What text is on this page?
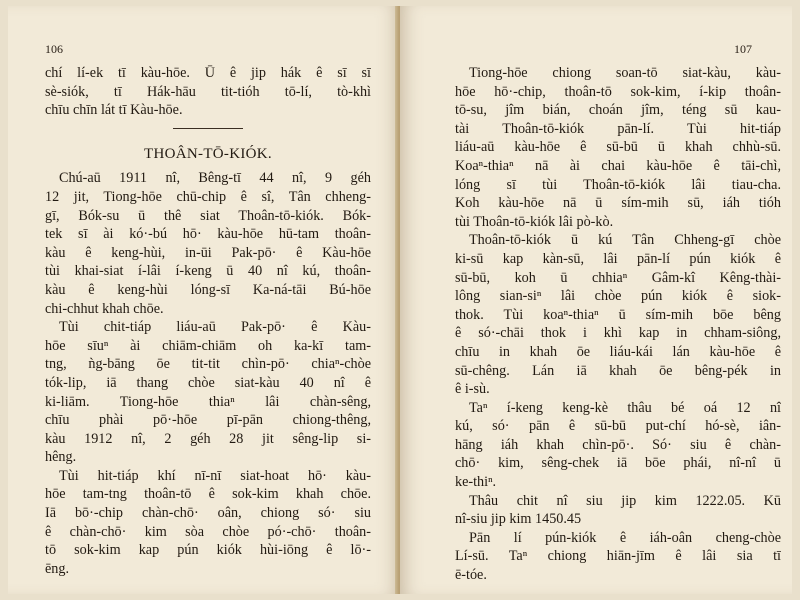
106
chí lí-ek tī kàu-hōe. Ū ê jip hák ê sī sī
sè-siók, tī Hák-hāu tit-tióh tō-lí, tò-khì
chīu chīn lát tī Kàu-hōe.
THOÂN-TŌ-KIÓK.
Chú-aū 1911 nî, Bêng-tī 44 nî, 9 géh
12 jit, Tiong-hōe chū-chip ê sî, Tân chheng-
gī, Bók-su ū thê siat Thoân-tō-kiók. Bók-
tek sī ài kó·-bú hō· kàu-hōe hū-tam thoân-
kàu ê keng-hùi, in-ūi Pak-pō· ê Kàu-hōe
tùi khai-siat í-lâi í-keng ū 40 nî kú, thoân-
kàu ê keng-hùi lóng-sī Ka-ná-tāi Bú-hōe
chi-chhut khah chōe.
Tùi chit-tiáp liáu-aū Pak-pō· ê Kàu-
hōe sīuⁿ ài chiām-chiām oh ka-kī tam-
tng, ǹg-bāng ōe tit-tit chìn-pō· chiaⁿ-chòe
tók-lip, iā thang chòe siat-kàu 40 nî ê
ki-liām. Tiong-hōe thiaⁿ lâi chàn-sêng,
chīu phài pō·-hōe pī-pān chiong-thêng,
kàu 1912 nî, 2 géh 28 jit sêng-lip si-
hêng.
Tùi hit-tiáp khí nī-nī siat-hoat hō· kàu-
hōe tam-tng thoân-tō ê sok-kim khah chōe.
Iā bō·-chip chàn-chō· oân, chiong só· siu
ê chàn-chō· kim sòa chòe pó·-chō· thoân-
tō sok-kim kap pún kiók hùi-iōng ê lō·-
ēng.
107
Tiong-hōe chiong soan-tō siat-kàu, kàu-
hōe hō·-chip, thoân-tō sok-kim, í-kip thoân-
tō-su, jîm bián, choán jîm, téng sū kau-
tài Thoân-tō-kiók pān-lí. Tùi hit-tiáp
liáu-aū kàu-hōe ê sū-bū ū khah chhù-sū.
Koaⁿ-thiaⁿ nā ài chai kàu-hōe ê tāi-chì,
lóng sī tùi Thoân-tō-kiók lâi tiau-cha.
Koh kàu-hōe nā ū sím-mih sū, iáh tióh
tùi Thoân-tō-kiók lâi pò-kò.
Thoân-tō-kiók ū kú Tân Chheng-gī chòe
ki-sū kap kàn-sū, lâi pān-lí pún kiók ê
sū-bū, koh ū chhiaⁿ Gâm-kî Kêng-thài-
lông sian-siⁿ lâi chòe pún kiók ê siok-
thok. Tùi koaⁿ-thiaⁿ ū sím-mih bōe bêng
ê só·-chāi thok i khì kap in chham-siông,
chīu in khah ōe liáu-kái lán kàu-hōe ê
sū-chêng. Lán iā khah ōe bêng-pék in
ê i-sù.
Taⁿ í-keng keng-kè thâu bé oá 12 nî
kú, só· pān ê sū-bū put-chí hó-sè, iân-
hāng iáh khah chìn-pō·. Só· siu ê chàn-
chō· kim, sêng-chek iā bōe phái, nî-nî ū
ke-thiⁿ.
Thâu chit nî siu jip kim 1222.05. Kū
nî-siu jip kim 1450.45
Pān lí pún-kiók ê iáh-oân cheng-chòe
Lí-sū. Taⁿ chiong hiān-jīm ê lâi sia tī
ē-tóe.
